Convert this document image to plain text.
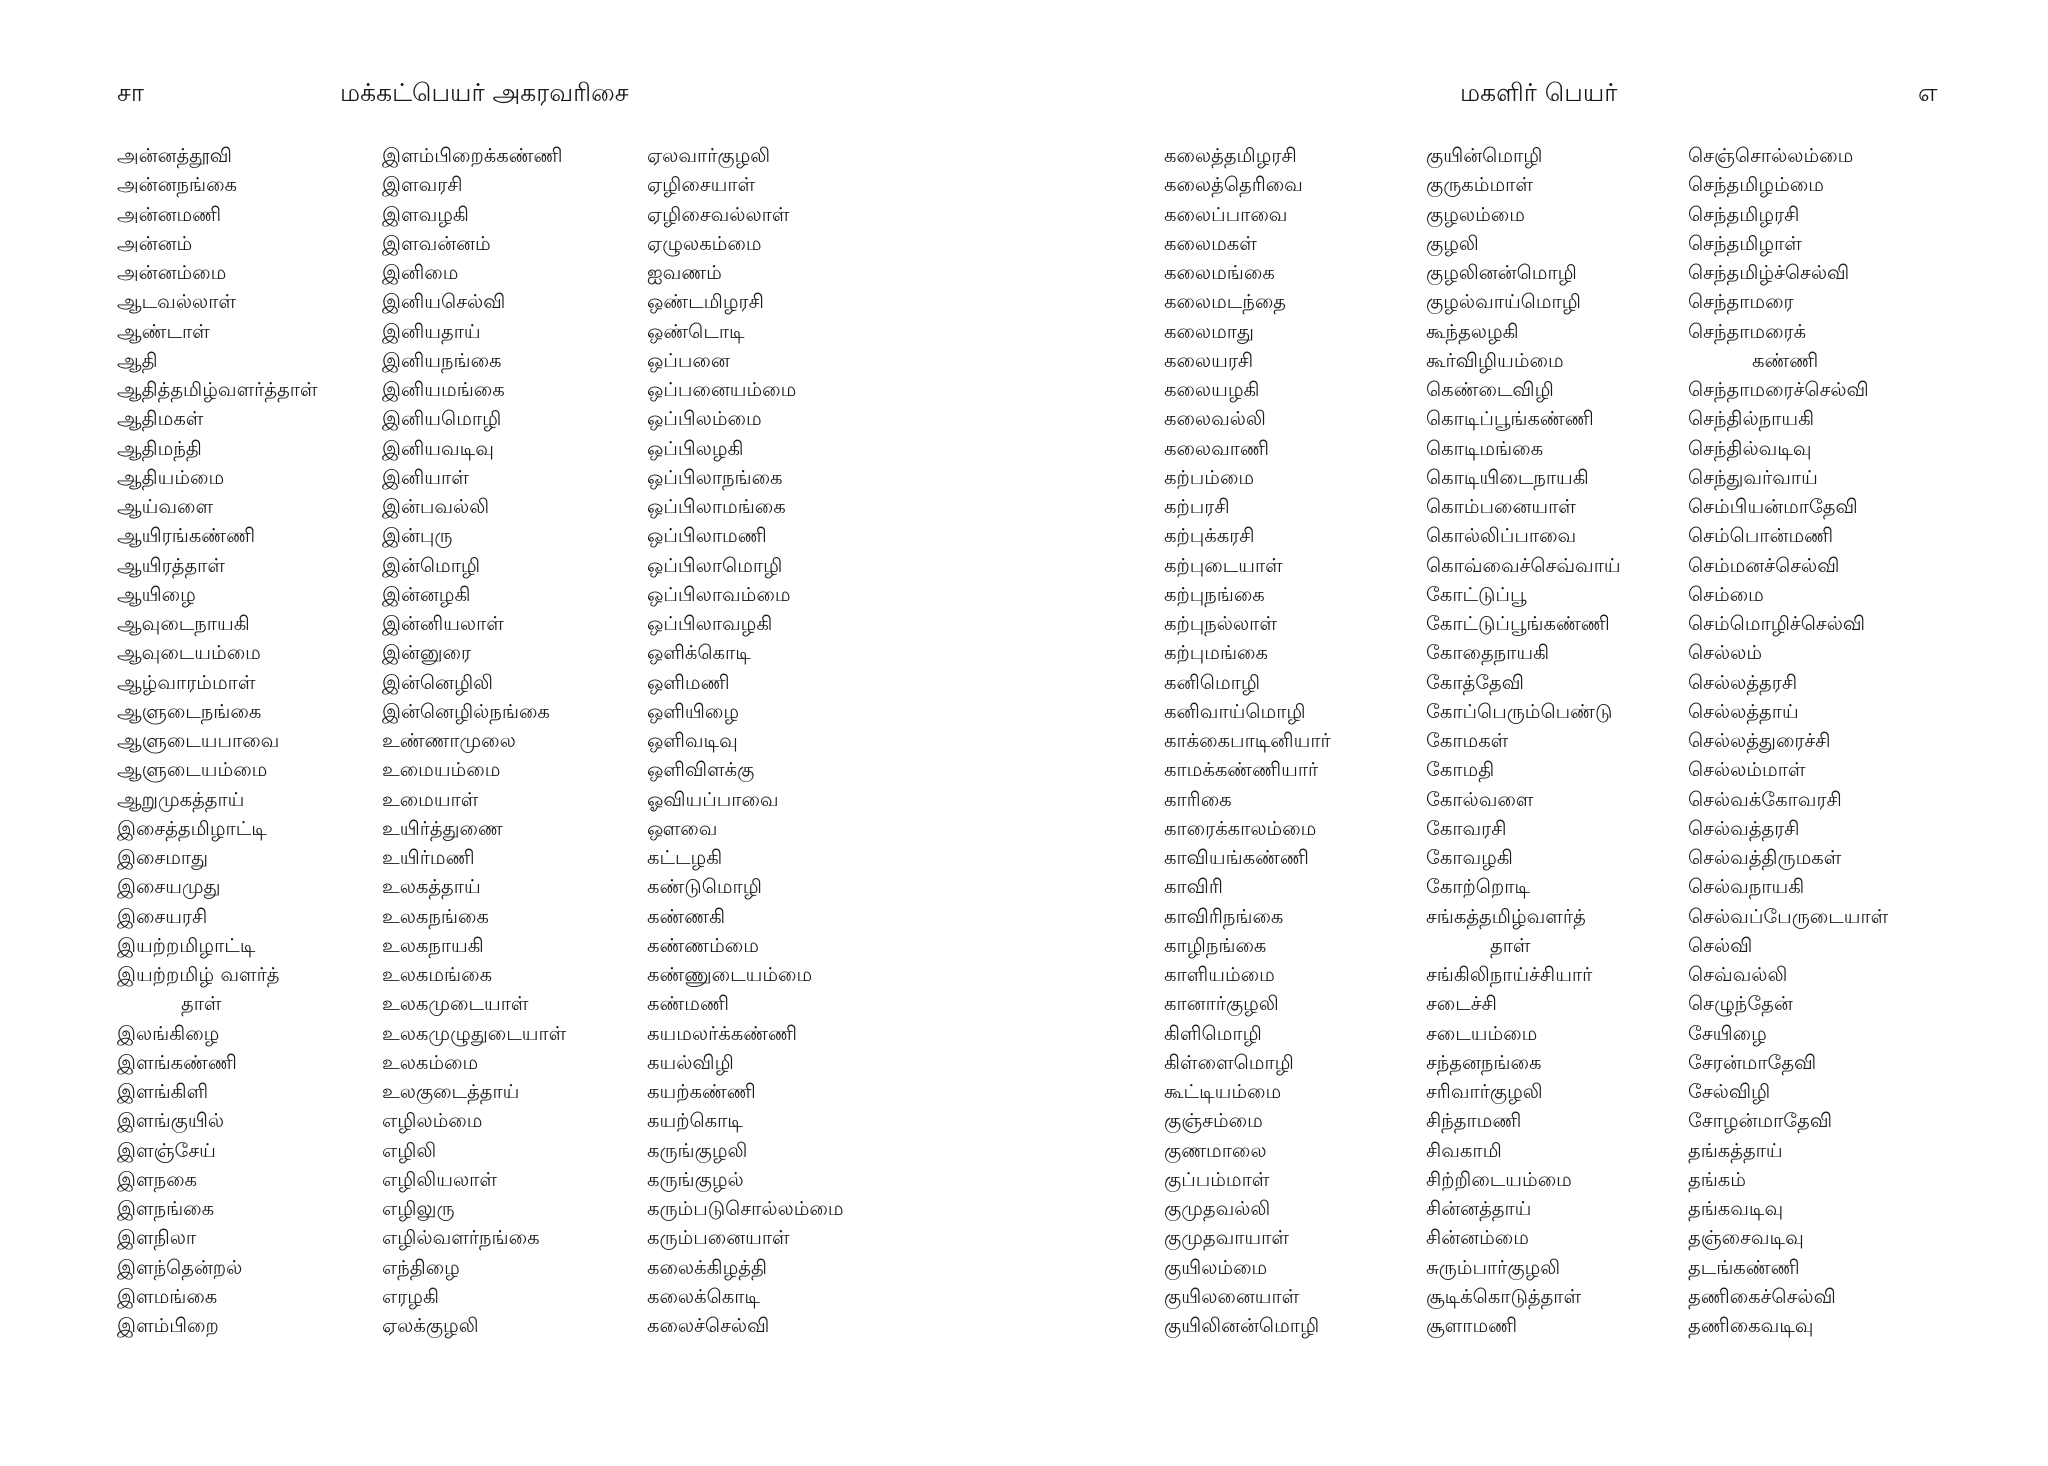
சா	மக்கட்பெயர் அகரவரிசை
அன்னத்தூவி
அன்னநங்கை
அன்னமணி
அன்னம்
அன்னம்மை
ஆடவல்லாள்
ஆண்டாள்
ஆதி
ஆதித்தமிழ்வளர்த்தாள்
ஆதிமகள்
ஆதிமந்தி
ஆதியம்மை
ஆய்வளை
ஆயிரங்கண்ணி
ஆயிரத்தாள்
ஆயிழை
ஆவுடைநாயகி
ஆவுடையம்மை
ஆழ்வாரம்மாள்
ஆளுடைநங்கை
ஆளுடையபாவை
ஆளுடையம்மை
ஆறுமுகத்தாய்
இசைத்தமிழாட்டி
இசைமாது
இசையமுது
இசையரசி
இயற்றமிழாட்டி
இயற்றமிழ் வளர்த்
தாள்
இலங்கிழை
இளங்கண்ணி
இளங்கிளி
இளங்குயில்
இளஞ்சேய்
இளநகை
இளநங்கை
இளநிலா
இளந்தென்றல்
இளமங்கை
இளம்பிறை
இளம்பிறைக்கண்ணி
இளவரசி
இளவழகி
இளவன்னம்
இனிமை
இனியசெல்வி
இனியதாய்
இனியநங்கை
இனியமங்கை
இனியமொழி
இனியவடிவு
இனியாள்
இன்பவல்லி
இன்புரு
இன்மொழி
இன்னழகி
இன்னியலாள்
இன்னுரை
இன்னெழிலி
இன்னெழில்நங்கை
உண்ணாமுலை
உமையம்மை
உமையாள்
உயிர்த்துணை
உயிர்மணி
உலகத்தாய்
உலகநங்கை
உலகநாயகி
உலகமங்கை
உலகமுடையாள்
உலகமுழுதுடையாள்
உலகம்மை
உலகுடைத்தாய்
எழிலம்மை
எழிலி
எழிலியலாள்
எழிலுரு
எழில்வளர்நங்கை
எந்திழை
எரழகி
ஏலக்குழலி
ஏலவார்குழலி
ஏழிசையாள்
ஏழிசைவல்லாள்
ஏழுலகம்மை
ஐவணம்
ஒண்டமிழரசி
ஒண்டொடி
ஒப்பனை
ஒப்பனையம்மை
ஒப்பிலம்மை
ஒப்பிலழகி
ஒப்பிலாநங்கை
ஒப்பிலாமங்கை
ஒப்பிலாமணி
ஒப்பிலாமொழி
ஒப்பிலாவம்மை
ஒப்பிலாவழகி
ஒளிக்கொடி
ஒளிமணி
ஒளியிழை
ஒளிவடிவு
ஒளிவிளக்கு
ஓவியப்பாவை
ஔவை
கட்டழகி
கண்டுமொழி
கண்ணகி
கண்ணம்மை
கண்ணுடையம்மை
கண்மணி
கயமலர்க்கண்ணி
கயல்விழி
கயற்கண்ணி
கயற்கொடி
கருங்குழலி
கருங்குழல்
கரும்படுசொல்லம்மை
கரும்பனையாள்
கலைக்கிழத்தி
கலைக்கொடி
கலைச்செல்வி
மகளிர் பெயர்	எ
கலைத்தமிழரசி
கலைத்தெரிவை
கலைப்பாவை
கலைமகள்
கலைமங்கை
கலைமடந்தை
கலைமாது
கலையரசி
கலையழகி
கலைவல்லி
கலைவாணி
கற்பம்மை
கற்பரசி
கற்புக்கரசி
கற்புடையாள்
கற்புநங்கை
கற்புநல்லாள்
கற்புமங்கை
கனிமொழி
கனிவாய்மொழி
காக்கைபாடினியார்
காமக்கண்ணியார்
காரிகை
காரைக்காலம்மை
காவியங்கண்ணி
காவிரி
காவிரிநங்கை
காழிநங்கை
காளியம்மை
கானார்குழலி
கிளிமொழி
கிள்ளைமொழி
கூட்டியம்மை
குஞ்சம்மை
குணமாலை
குப்பம்மாள்
குமுதவல்லி
குமுதவாயாள்
குயிலம்மை
குயிலனையாள்
குயிலினன்மொழி
குயின்மொழி
குருகம்மாள்
குழலம்மை
குழலி
குழலினன்மொழி
குழல்வாய்மொழி
கூந்தலழகி
கூர்விழியம்மை
கெண்டைவிழி
கொடிப்பூங்கண்ணி
கொடிமங்கை
கொடியிடைநாயகி
கொம்பனையாள்
கொல்லிப்பாவை
கொவ்வைச்செவ்வாய்
கோட்டுப்பூ
கோட்டுப்பூங்கண்ணி
கோதைநாயகி
கோத்தேவி
கோப்பெரும்பெண்டு
கோமகள்
கோமதி
கோல்வளை
கோவரசி
கோவழகி
கோற்றொடி
சங்கத்தமிழ்வளர்த்
தாள்
சங்கிலிநாய்ச்சியார்
சடைச்சி
சடையம்மை
சந்தனநங்கை
சரிவார்குழலி
சிந்தாமணி
சிவகாமி
சிற்றிடையம்மை
சின்னத்தாய்
சின்னம்மை
சுரும்பார்குழலி
சூடிக்கொடுத்தாள்
சூளாமணி
செஞ்சொல்லம்மை
செந்தமிழம்மை
செந்தமிழரசி
செந்தமிழாள்
செந்தமிழ்ச்செல்வி
செந்தாமரை
செந்தாமரைக்
கண்ணி
செந்தாமரைச்செல்வி
செந்தில்நாயகி
செந்தில்வடிவு
செந்துவர்வாய்
செம்பியன்மாதேவி
செம்பொன்மணி
செம்மனச்செல்வி
செம்மை
செம்மொழிச்செல்வி
செல்லம்
செல்லத்தரசி
செல்லத்தாய்
செல்லத்துரைச்சி
செல்லம்மாள்
செல்வக்கோவரசி
செல்வத்தரசி
செல்வத்திருமகள்
செல்வநாயகி
செல்வப்பேருடையாள்
செல்வி
செவ்வல்லி
செழுந்தேன்
சேயிழை
சேரன்மாதேவி
சேல்விழி
சோழன்மாதேவி
தங்கத்தாய்
தங்கம்
தங்கவடிவு
தஞ்சைவடிவு
தடங்கண்ணி
தணிகைச்செல்வி
தணிகைவடிவு
